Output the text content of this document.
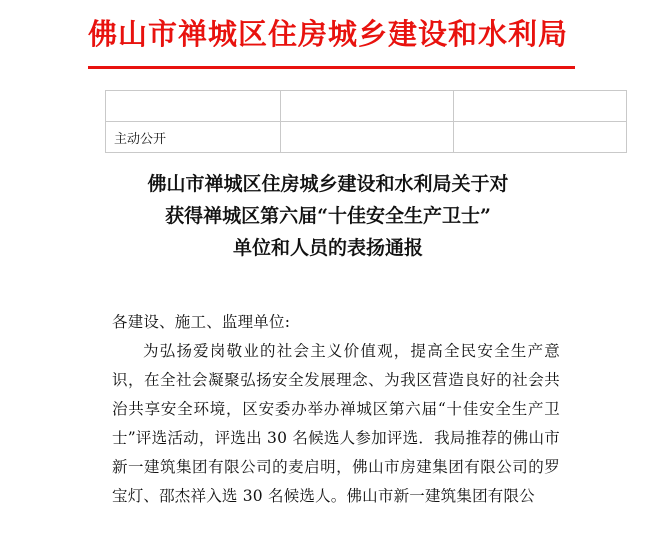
佛山市禅城区住房城乡建设和水利局

主动公开		
佛山市禅城区住房城乡建设和水利局关于对
获得禅城区第六届“十佳安全生产卫士”
单位和人员的表扬通报

各建设、施工、监理单位:

为弘扬爱岗敬业的社会主义价值观，提高全民安全生产意识，在全社会凝聚弘扬安全发展理念、为我区营造良好的社会共治共享安全环境，区安委办举办禅城区第六届“十佳安全生产卫士”评选活动，评选出 30 名候选人参加评选．我局推荐的佛山市新一建筑集团有限公司的麦启明，佛山市房建集团有限公司的罗宝灯、邵杰祥入选 30 名候选人。佛山市新一建筑集团有限公
